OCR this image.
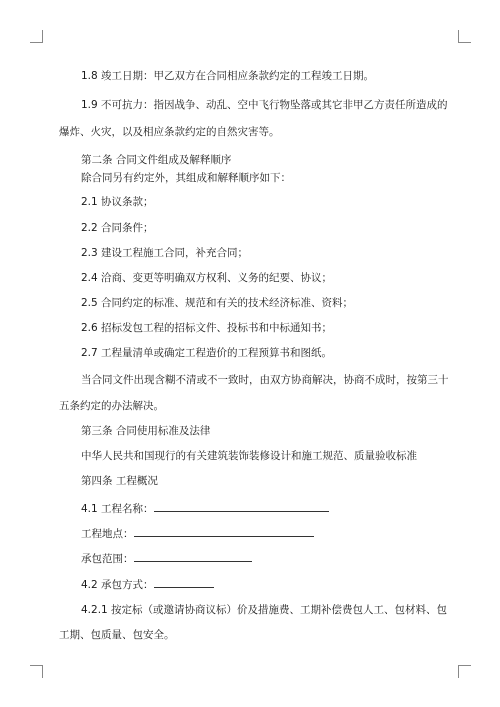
1.8 竣工日期：甲乙双方在合同相应条款约定的工程竣工日期。
1.9 不可抗力：指因战争、动乱、空中飞行物坠落或其它非甲乙方责任所造成的
爆炸、火灾，以及相应条款约定的自然灾害等。
第二条 合同文件组成及解释顺序
除合同另有约定外，其组成和解释顺序如下：
2.1 协议条款；
2.2 合同条件；
2.3 建设工程施工合同，补充合同；
2.4 洽商、变更等明确双方权利、义务的纪要、协议；
2.5 合同约定的标准、规范和有关的技术经济标准、资料；
2.6 招标发包工程的招标文件、投标书和中标通知书；
2.7 工程量清单或确定工程造价的工程预算书和图纸。
当合同文件出现含糊不清或不一致时，由双方协商解决，协商不成时，按第三十
五条约定的办法解决。
第三条 合同使用标准及法律
中华人民共和国现行的有关建筑装饰装修设计和施工规范、质量验收标准
第四条 工程概况
4.1 工程名称：
工程地点：
承包范围：
4.2 承包方式：
4.2.1 按定标（或邀请协商议标）价及措施费、工期补偿费包人工、包材料、包
工期、包质量、包安全。
